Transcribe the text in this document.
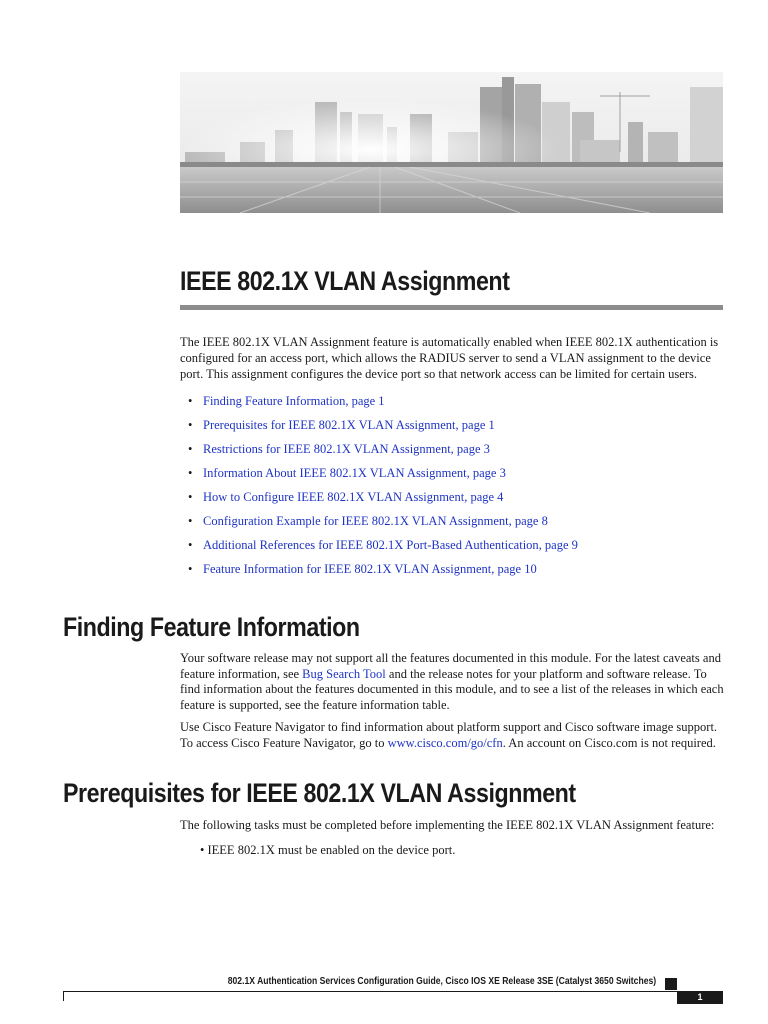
IEEE 802.1X VLAN Assignment

The IEEE 802.1X VLAN Assignment feature is automatically enabled when IEEE 802.1X authentication is configured for an access port, which allows the RADIUS server to send a VLAN assignment to the device port. This assignment configures the device port so that network access can be limited for certain users.

• Finding Feature Information, page 1
• Prerequisites for IEEE 802.1X VLAN Assignment, page 1
• Restrictions for IEEE 802.1X VLAN Assignment, page 3
• Information About IEEE 802.1X VLAN Assignment, page 3
• How to Configure IEEE 802.1X VLAN Assignment, page 4
• Configuration Example for IEEE 802.1X VLAN Assignment, page 8
• Additional References for IEEE 802.1X Port-Based Authentication, page 9
• Feature Information for IEEE 802.1X VLAN Assignment, page 10
Finding Feature Information

Your software release may not support all the features documented in this module. For the latest caveats and feature information, see Bug Search Tool and the release notes for your platform and software release. To find information about the features documented in this module, and to see a list of the releases in which each feature is supported, see the feature information table.

Use Cisco Feature Navigator to find information about platform support and Cisco software image support. To access Cisco Feature Navigator, go to www.cisco.com/go/cfn. An account on Cisco.com is not required.

Prerequisites for IEEE 802.1X VLAN Assignment

The following tasks must be completed before implementing the IEEE 802.1X VLAN Assignment feature:

• IEEE 802.1X must be enabled on the device port.

802.1X Authentication Services Configuration Guide, Cisco IOS XE Release 3SE (Catalyst 3650 Switches)

1
